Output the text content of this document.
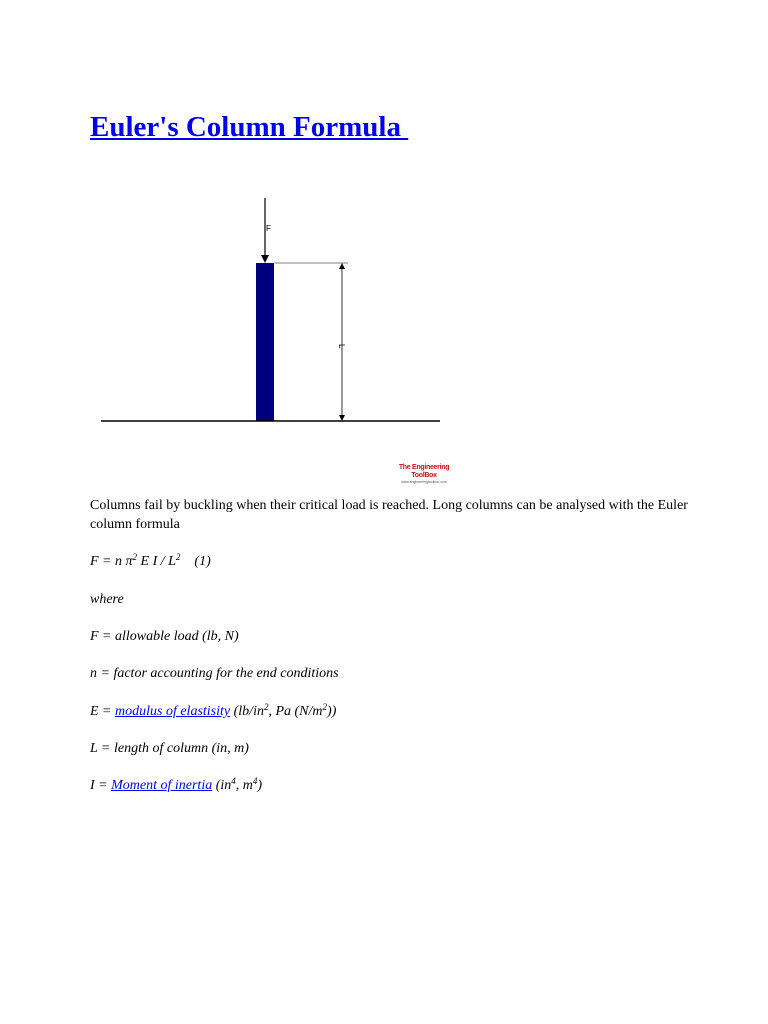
Euler's Column Formula
F
L
The Engineering ToolBox
www.engineeringtoolbox.com

Columns fail by buckling when their critical load is reached. Long columns can be analysed with the Euler column formula

F = n $\pi^2$ E I / $L^2$ (1)

where

F = allowable load (lb, N)

n = factor accounting for the end conditions

E = modulus of elastisity ($lb/in^2$, Pa $(N/m^2)$)

L = length of column (in, m)

I = Moment of inertia ($in^4$, $m^4$)
